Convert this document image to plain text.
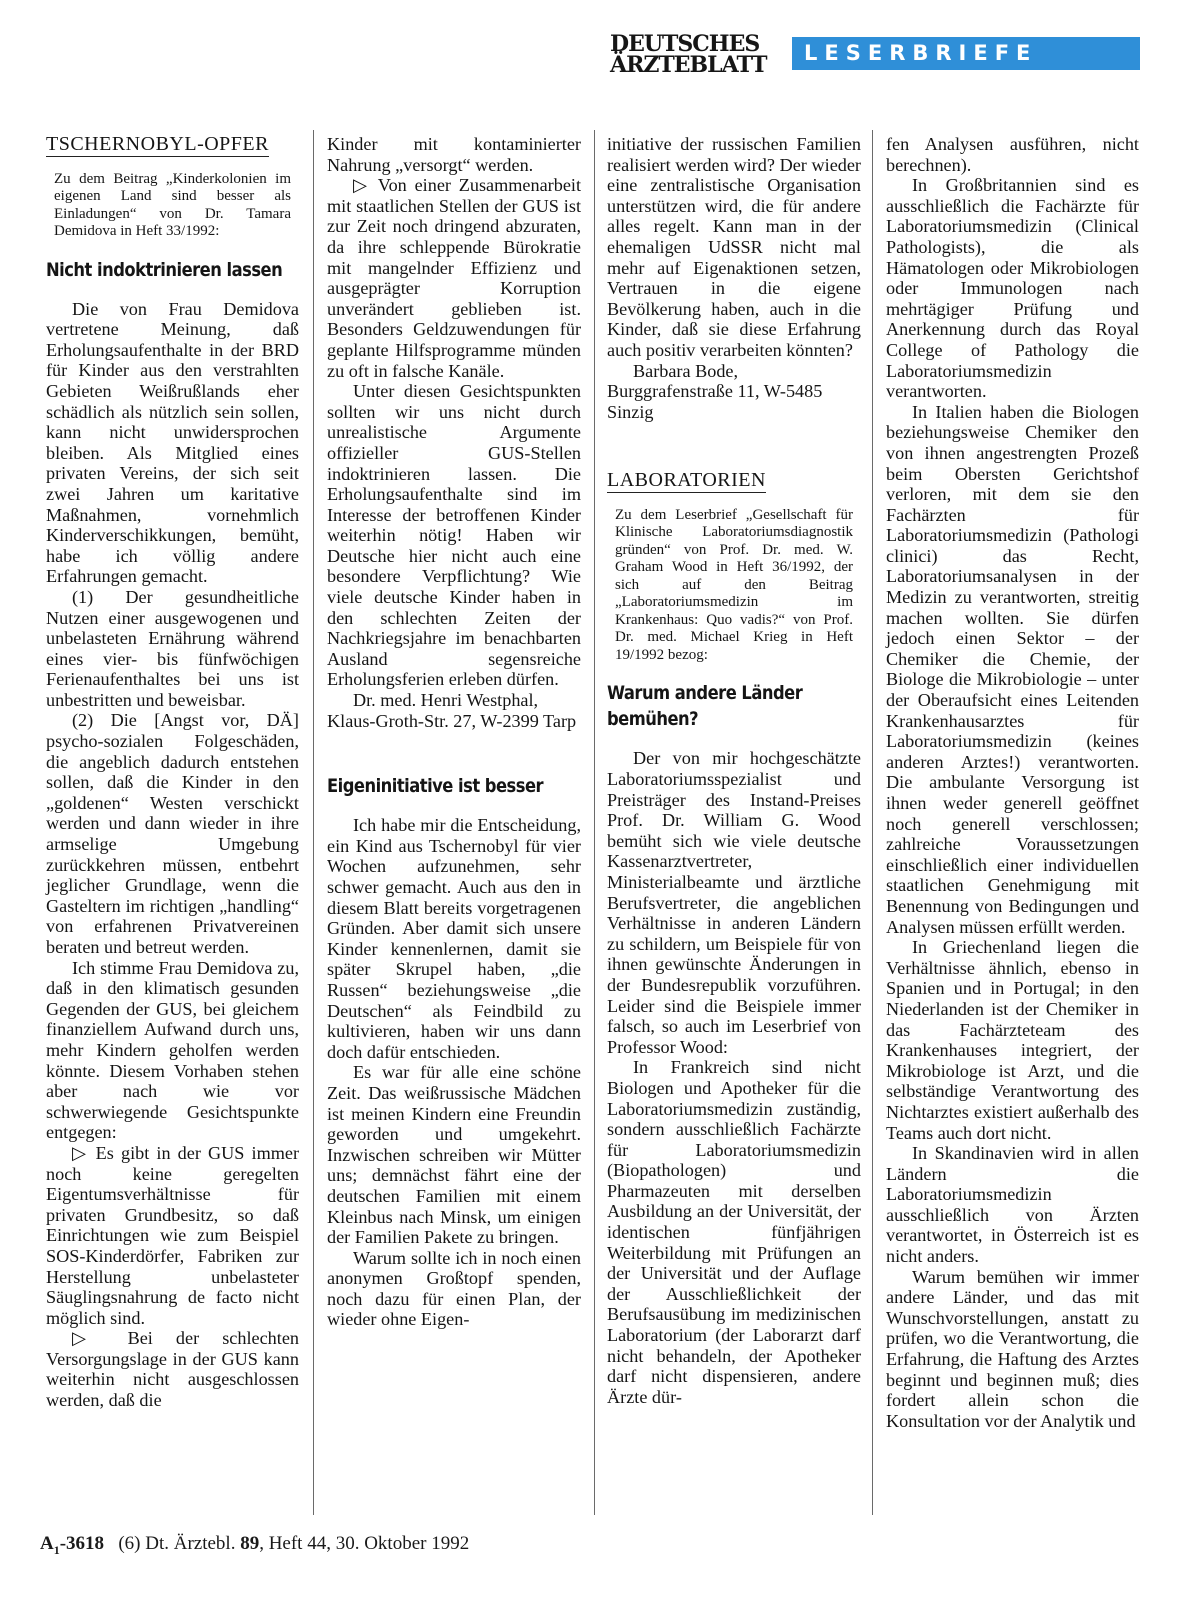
DEUTSCHES
ÄRZTEBLATT	LESERBRIEFE
TSCHERNOBYL-OPFER

Zu dem Beitrag „Kinderkolonien im eigenen Land sind besser als Einladungen“ von Dr. Tamara Demidova in Heft 33/1992:

Nicht indoktrinieren lassen

Die von Frau Demidova vertretene Meinung, daß Erholungsaufenthalte in der BRD für Kinder aus den verstrahlten Gebieten Weißrußlands eher schädlich als nützlich sein sollen, kann nicht unwidersprochen bleiben. Als Mitglied eines privaten Vereins, der sich seit zwei Jahren um karitative Maßnahmen, vornehmlich Kinderverschikkungen, bemüht, habe ich völlig andere Erfahrungen gemacht.

(1) Der gesundheitliche Nutzen einer ausgewogenen und unbelasteten Ernährung während eines vier- bis fünfwöchigen Ferienaufenthaltes bei uns ist unbestritten und beweisbar.

(2) Die [Angst vor, DÄ] psycho-sozialen Folgeschäden, die angeblich dadurch entstehen sollen, daß die Kinder in den „goldenen“ Westen verschickt werden und dann wieder in ihre armselige Umgebung zurückkehren müssen, entbehrt jeglicher Grundlage, wenn die Gasteltern im richtigen „handling“ von erfahrenen Privatvereinen beraten und betreut werden.

Ich stimme Frau Demidova zu, daß in den klimatisch gesunden Gegenden der GUS, bei gleichem finanziellem Aufwand durch uns, mehr Kindern geholfen werden könnte. Diesem Vorhaben stehen aber nach wie vor schwerwiegende Gesichtspunkte entgegen:

▷ Es gibt in der GUS immer noch keine geregelten Eigentumsverhältnisse für privaten Grundbesitz, so daß Einrichtungen wie zum Beispiel SOS-Kinderdörfer, Fabriken zur Herstellung unbelasteter Säuglingsnahrung de facto nicht möglich sind.

▷ Bei der schlechten Versorgungslage in der GUS kann weiterhin nicht ausgeschlossen werden, daß die

Kinder mit kontaminierter Nahrung „versorgt“ werden.

▷ Von einer Zusammenarbeit mit staatlichen Stellen der GUS ist zur Zeit noch dringend abzuraten, da ihre schleppende Bürokratie mit mangelnder Effizienz und ausgeprägter Korruption unverändert geblieben ist. Besonders Geldzuwendungen für geplante Hilfsprogramme münden zu oft in falsche Kanäle.

Unter diesen Gesichtspunkten sollten wir uns nicht durch unrealistische Argumente offizieller GUS-Stellen indoktrinieren lassen. Die Erholungsaufenthalte sind im Interesse der betroffenen Kinder weiterhin nötig! Haben wir Deutsche hier nicht auch eine besondere Verpflichtung? Wie viele deutsche Kinder haben in den schlechten Zeiten der Nachkriegsjahre im benachbarten Ausland segensreiche Erholungsferien erleben dürfen.

Dr. med. Henri Westphal, Klaus-Groth-Str. 27, W-2399 Tarp

Eigeninitiative ist besser

Ich habe mir die Entscheidung, ein Kind aus Tschernobyl für vier Wochen aufzunehmen, sehr schwer gemacht. Auch aus den in diesem Blatt bereits vorgetragenen Gründen. Aber damit sich unsere Kinder kennenlernen, damit sie später Skrupel haben, „die Russen“ beziehungsweise „die Deutschen“ als Feindbild zu kultivieren, haben wir uns dann doch dafür entschieden.

Es war für alle eine schöne Zeit. Das weißrussische Mädchen ist meinen Kindern eine Freundin geworden und umgekehrt. Inzwischen schreiben wir Mütter uns; demnächst fährt eine der deutschen Familien mit einem Kleinbus nach Minsk, um einigen der Familien Pakete zu bringen.

Warum sollte ich in noch einen anonymen Großtopf spenden, noch dazu für einen Plan, der wieder ohne Eigen-

initiative der russischen Familien realisiert werden wird? Der wieder eine zentralistische Organisation unterstützen wird, die für andere alles regelt. Kann man in der ehemaligen UdSSR nicht mal mehr auf Eigenaktionen setzen, Vertrauen in die eigene Bevölkerung haben, auch in die Kinder, daß sie diese Erfahrung auch positiv verarbeiten könnten?

Barbara Bode, Burggrafenstraße 11, W-5485 Sinzig

LABORATORIEN

Zu dem Leserbrief „Gesellschaft für Klinische Laboratoriumsdiagnostik gründen“ von Prof. Dr. med. W. Graham Wood in Heft 36/1992, der sich auf den Beitrag „Laboratoriumsmedizin im Krankenhaus: Quo vadis?“ von Prof. Dr. med. Michael Krieg in Heft 19/1992 bezog:

Warum andere Länder bemühen?

Der von mir hochgeschätzte Laboratoriumsspezialist und Preisträger des Instand-Preises Prof. Dr. William G. Wood bemüht sich wie viele deutsche Kassenarztvertreter, Ministerialbeamte und ärztliche Berufsvertreter, die angeblichen Verhältnisse in anderen Ländern zu schildern, um Beispiele für von ihnen gewünschte Änderungen in der Bundesrepublik vorzuführen. Leider sind die Beispiele immer falsch, so auch im Leserbrief von Professor Wood:

In Frankreich sind nicht Biologen und Apotheker für die Laboratoriumsmedizin zuständig, sondern ausschließlich Fachärzte für Laboratoriumsmedizin (Biopathologen) und Pharmazeuten mit derselben Ausbildung an der Universität, der identischen fünfjährigen Weiterbildung mit Prüfungen an der Universität und der Auflage der Ausschließlichkeit der Berufsausübung im medizinischen Laboratorium (der Laborarzt darf nicht behandeln, der Apotheker darf nicht dispensieren, andere Ärzte dür-

fen Analysen ausführen, nicht berechnen).

In Großbritannien sind es ausschließlich die Fachärzte für Laboratoriumsmedizin (Clinical Pathologists), die als Hämatologen oder Mikrobiologen oder Immunologen nach mehrtägiger Prüfung und Anerkennung durch das Royal College of Pathology die Laboratoriumsmedizin verantworten.

In Italien haben die Biologen beziehungsweise Chemiker den von ihnen angestrengten Prozeß beim Obersten Gerichtshof verloren, mit dem sie den Fachärzten für Laboratoriumsmedizin (Pathologi clinici) das Recht, Laboratoriumsanalysen in der Medizin zu verantworten, streitig machen wollten. Sie dürfen jedoch einen Sektor – der Chemiker die Chemie, der Biologe die Mikrobiologie – unter der Oberaufsicht eines Leitenden Krankenhausarztes für Laboratoriumsmedizin (keines anderen Arztes!) verantworten. Die ambulante Versorgung ist ihnen weder generell geöffnet noch generell verschlossen; zahlreiche Voraussetzungen einschließlich einer individuellen staatlichen Genehmigung mit Benennung von Bedingungen und Analysen müssen erfüllt werden.

In Griechenland liegen die Verhältnisse ähnlich, ebenso in Spanien und in Portugal; in den Niederlanden ist der Chemiker in das Fachärzteteam des Krankenhauses integriert, der Mikrobiologe ist Arzt, und die selbständige Verantwortung des Nichtarztes existiert außerhalb des Teams auch dort nicht.

In Skandinavien wird in allen Ländern die Laboratoriumsmedizin ausschließlich von Ärzten verantwortet, in Österreich ist es nicht anders.

Warum bemühen wir immer andere Länder, und das mit Wunschvorstellungen, anstatt zu prüfen, wo die Verantwortung, die Erfahrung, die Haftung des Arztes beginnt und beginnen muß; dies fordert allein schon die Konsultation vor der Analytik und

$A_1-3618$ (6) Dt. Ärztebl. 89, Heft 44, 30. Oktober 1992
